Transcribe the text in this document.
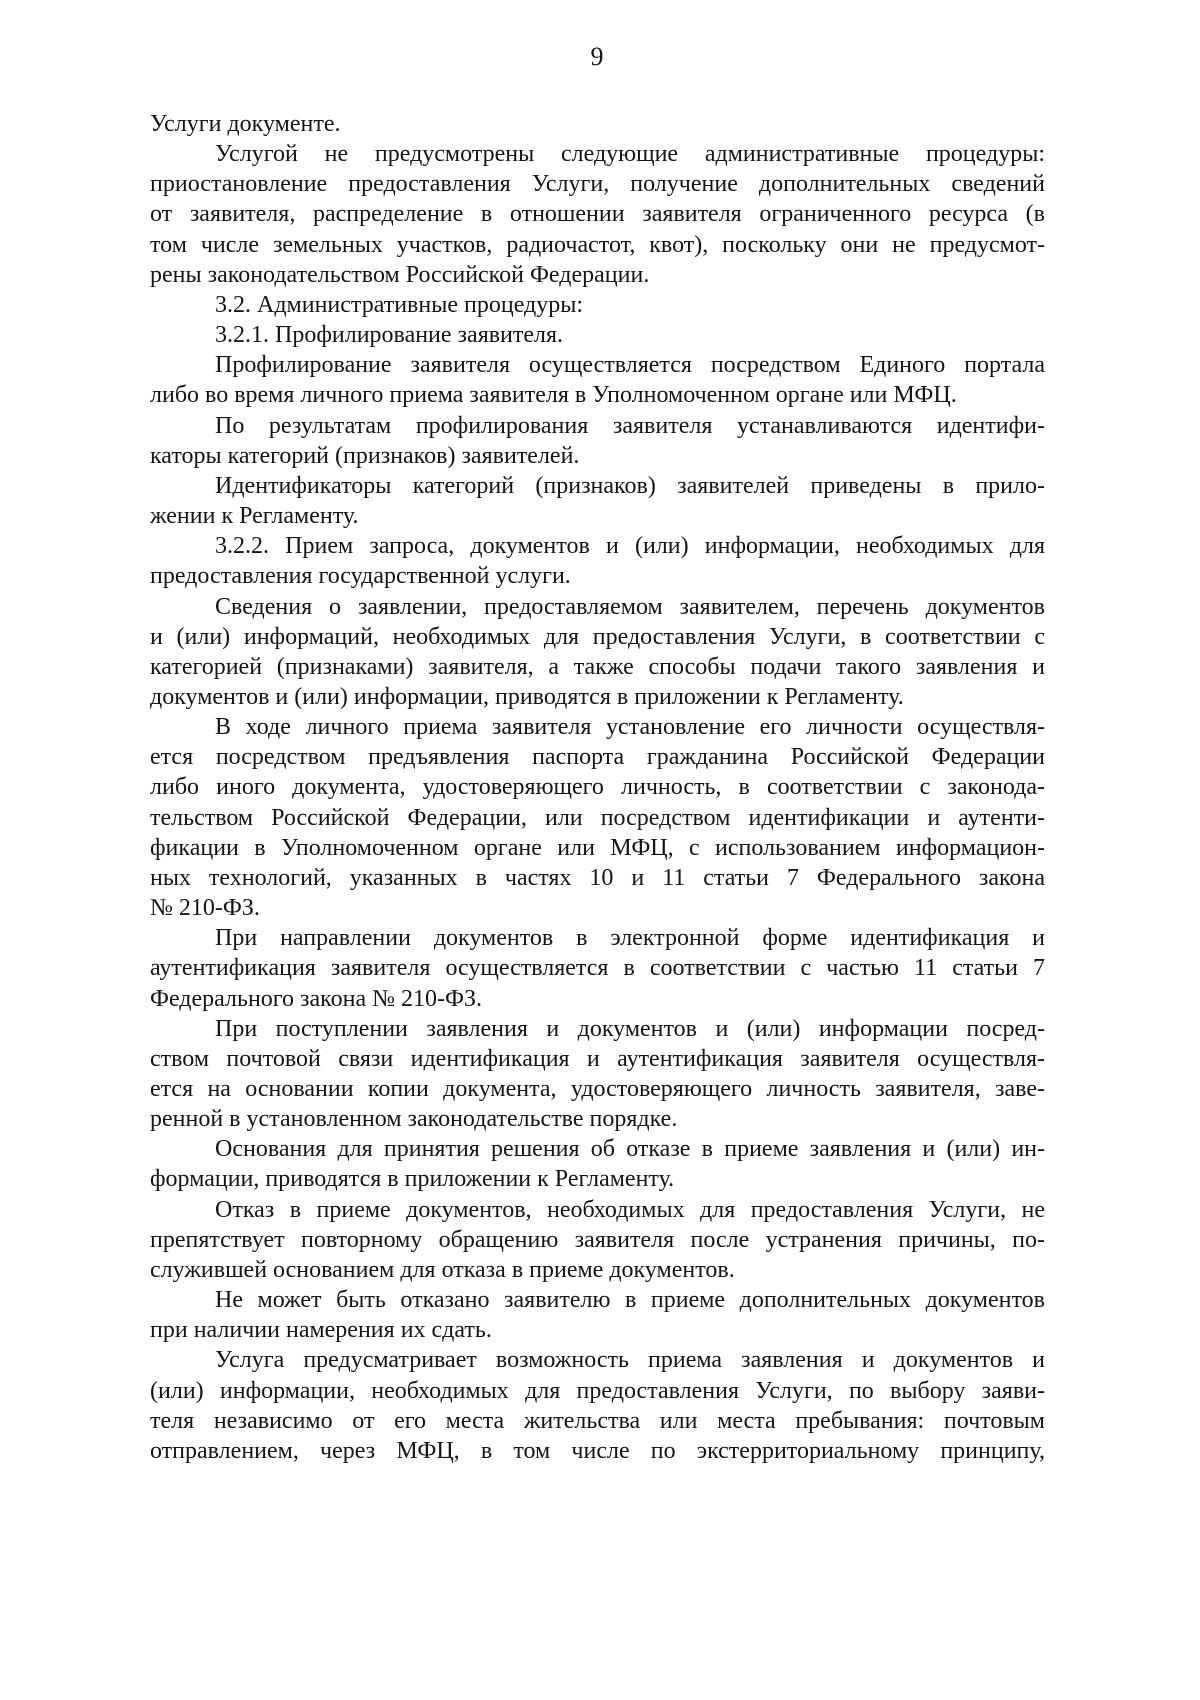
9
Услуги документе.
Услугой не предусмотрены следующие административные процедуры:
приостановление предоставления Услуги, получение дополнительных сведений
от заявителя, распределение в отношении заявителя ограниченного ресурса (в
том числе земельных участков, радиочастот, квот), поскольку они не предусмот-
рены законодательством Российской Федерации.
3.2. Административные процедуры:
3.2.1. Профилирование заявителя.
Профилирование заявителя осуществляется посредством Единого портала
либо во время личного приема заявителя в Уполномоченном органе или МФЦ.
По результатам профилирования заявителя устанавливаются идентифи-
каторы категорий (признаков) заявителей.
Идентификаторы категорий (признаков) заявителей приведены в прило-
жении к Регламенту.
3.2.2. Прием запроса, документов и (или) информации, необходимых для
предоставления государственной услуги.
Сведения о заявлении, предоставляемом заявителем, перечень документов
и (или) информаций, необходимых для предоставления Услуги, в соответствии с
категорией (признаками) заявителя, а также способы подачи такого заявления и
документов и (или) информации, приводятся в приложении к Регламенту.
В ходе личного приема заявителя установление его личности осуществля-
ется посредством предъявления паспорта гражданина Российской Федерации
либо иного документа, удостоверяющего личность, в соответствии с законода-
тельством Российской Федерации, или посредством идентификации и аутенти-
фикации в Уполномоченном органе или МФЦ, с использованием информацион-
ных технологий, указанных в частях 10 и 11 статьи 7 Федерального закона
№ 210-ФЗ.
При направлении документов в электронной форме идентификация и
аутентификация заявителя осуществляется в соответствии с частью 11 статьи 7
Федерального закона № 210-ФЗ.
При поступлении заявления и документов и (или) информации посред-
ством почтовой связи идентификация и аутентификация заявителя осуществля-
ется на основании копии документа, удостоверяющего личность заявителя, заве-
ренной в установленном законодательстве порядке.
Основания для принятия решения об отказе в приеме заявления и (или) ин-
формации, приводятся в приложении к Регламенту.
Отказ в приеме документов, необходимых для предоставления Услуги, не
препятствует повторному обращению заявителя после устранения причины, по-
служившей основанием для отказа в приеме документов.
Не может быть отказано заявителю в приеме дополнительных документов
при наличии намерения их сдать.
Услуга предусматривает возможность приема заявления и документов и
(или) информации, необходимых для предоставления Услуги, по выбору заяви-
теля независимо от его места жительства или места пребывания: почтовым
отправлением, через МФЦ, в том числе по экстерриториальному принципу,
